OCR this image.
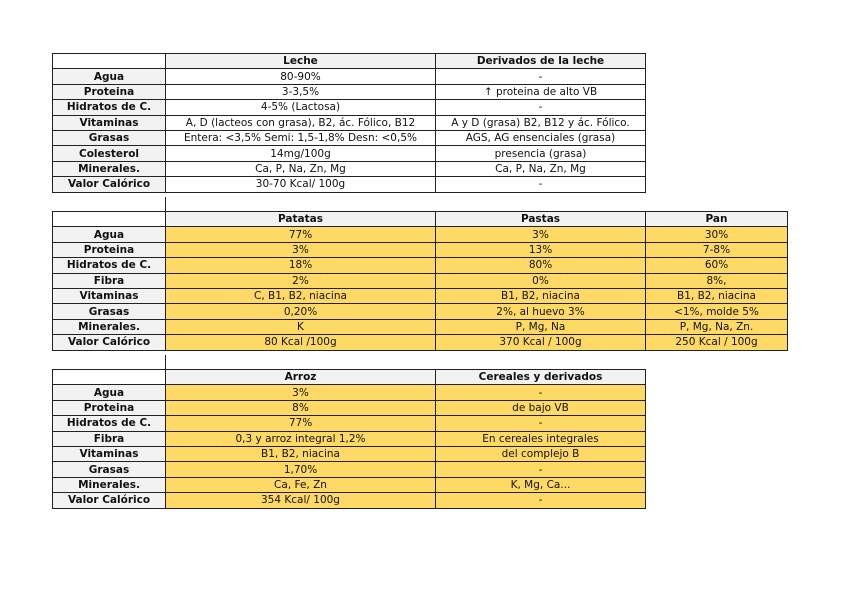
	Leche	Derivados de la leche
Agua	80-90%	-
Proteina	3-3,5%	↑ proteina de alto VB
Hidratos de C.	4-5% (Lactosa)	-
Vitaminas	A, D (lacteos con grasa), B2, ác. Fólico, B12	A y D (grasa) B2, B12 y ác. Fólico.
Grasas	Entera: <3,5% Semi: 1,5-1,8% Desn: <0,5%	AGS, AG ensenciales (grasa)
Colesterol	14mg/100g	presencia (grasa)
Minerales.	Ca, P, Na, Zn, Mg	Ca, P, Na, Zn, Mg
Valor Calórico	30-70 Kcal/ 100g	-
	Patatas	Pastas	Pan
Agua	77%	3%	30%
Proteina	3%	13%	7-8%
Hidratos de C.	18%	80%	60%
Fibra	2%	0%	8%,
Vitaminas	C, B1, B2, niacina	B1, B2, niacina	B1, B2, niacina
Grasas	0,20%	2%, al huevo 3%	<1%, molde 5%
Minerales.	K	P, Mg, Na	P, Mg, Na, Zn.
Valor Calórico	80 Kcal /100g	370 Kcal / 100g	250 Kcal / 100g
	Arroz	Cereales y derivados
Agua	3%	-
Proteina	8%	de bajo VB
Hidratos de C.	77%	-
Fibra	0,3 y arroz integral 1,2%	En cereales integrales
Vitaminas	B1, B2, niacina	del complejo B
Grasas	1,70%	-
Minerales.	Ca, Fe, Zn	K, Mg, Ca...
Valor Calórico	354 Kcal/ 100g	-
